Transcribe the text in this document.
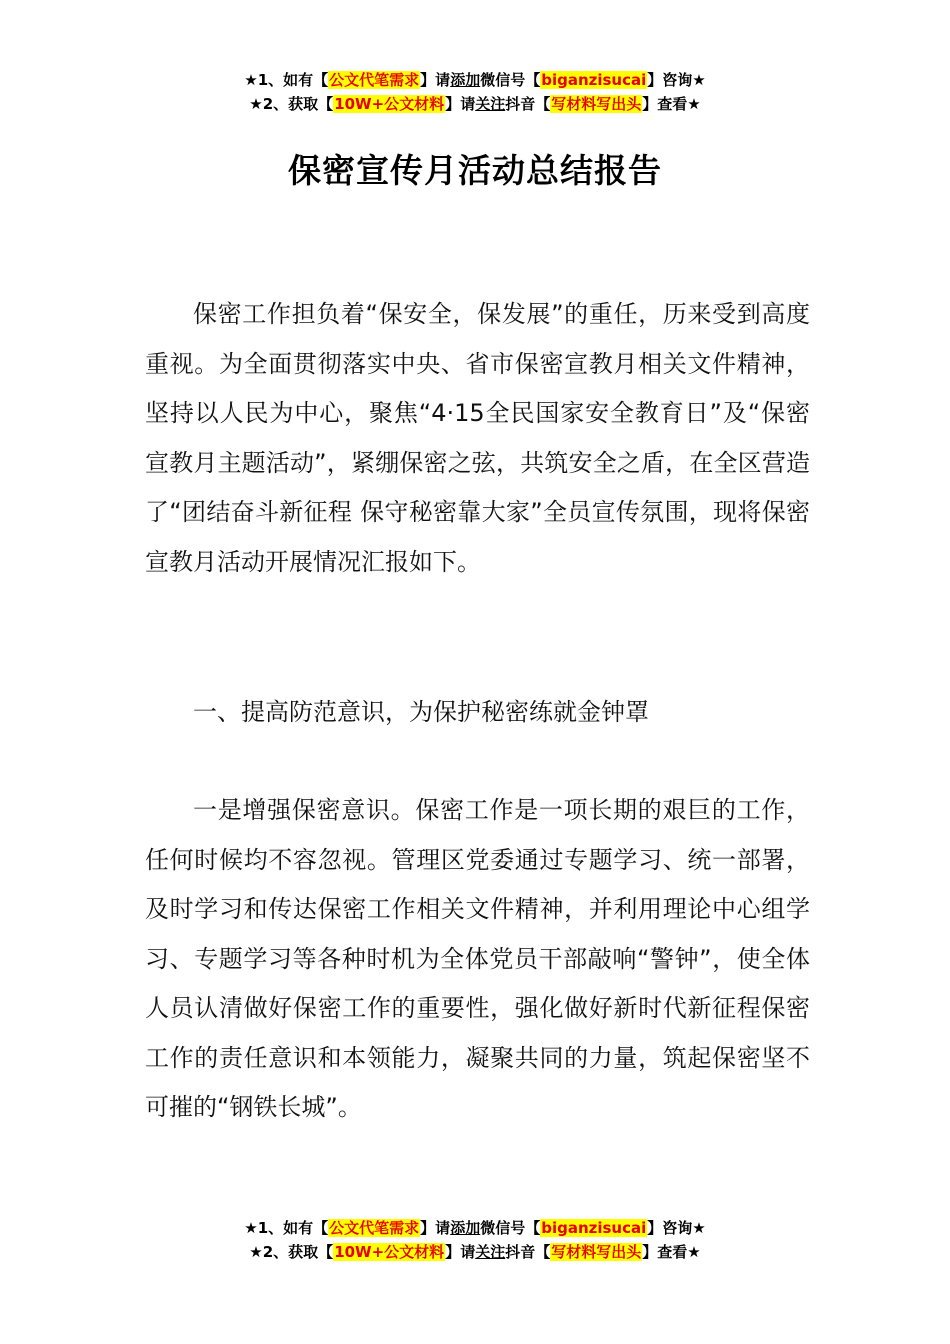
★1、如有【公文代笔需求】请添加微信号【biganzisucai】咨询★
★2、获取【10W+公文材料】请关注抖音【写材料写出头】查看★
保密宣传月活动总结报告

保密工作担负着“保安全，保发展”的重任，历来受到高度重视。为全面贯彻落实中央、省市保密宣教月相关文件精神，坚持以人民为中心，聚焦“4·15全民国家安全教育日”及“保密宣教月主题活动”，紧绷保密之弦，共筑安全之盾，在全区营造了“团结奋斗新征程 保守秘密靠大家”全员宣传氛围，现将保密宣教月活动开展情况汇报如下。

一、提高防范意识，为保护秘密练就金钟罩

一是增强保密意识。保密工作是一项长期的艰巨的工作，任何时候均不容忽视。管理区党委通过专题学习、统一部署，及时学习和传达保密工作相关文件精神，并利用理论中心组学习、专题学习等各种时机为全体党员干部敲响“警钟”，使全体人员认清做好保密工作的重要性，强化做好新时代新征程保密工作的责任意识和本领能力，凝聚共同的力量，筑起保密坚不可摧的“钢铁长城”。

★1、如有【公文代笔需求】请添加微信号【biganzisucai】咨询★
★2、获取【10W+公文材料】请关注抖音【写材料写出头】查看★
